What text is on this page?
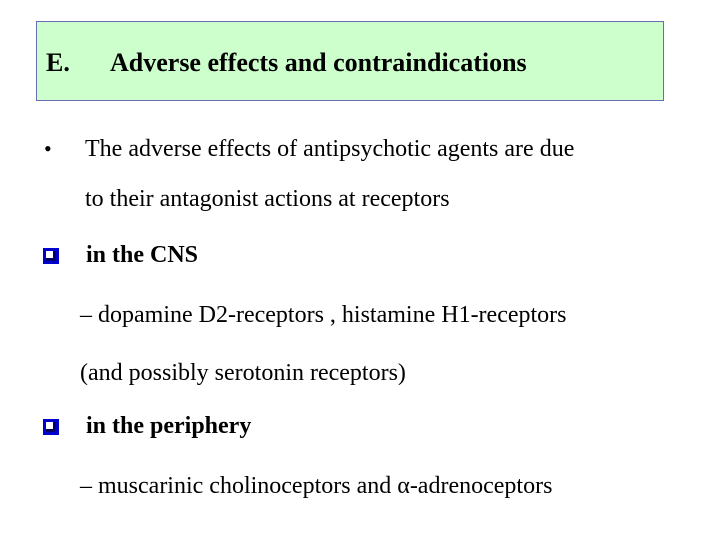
E. Adverse effects and contraindications
• The adverse effects of antipsychotic agents are due
to their antagonist actions at receptors
in the CNS
– dopamine D2-receptors , histamine H1-receptors
(and possibly serotonin receptors)
in the periphery
– muscarinic cholinoceptors and α-adrenoceptors
